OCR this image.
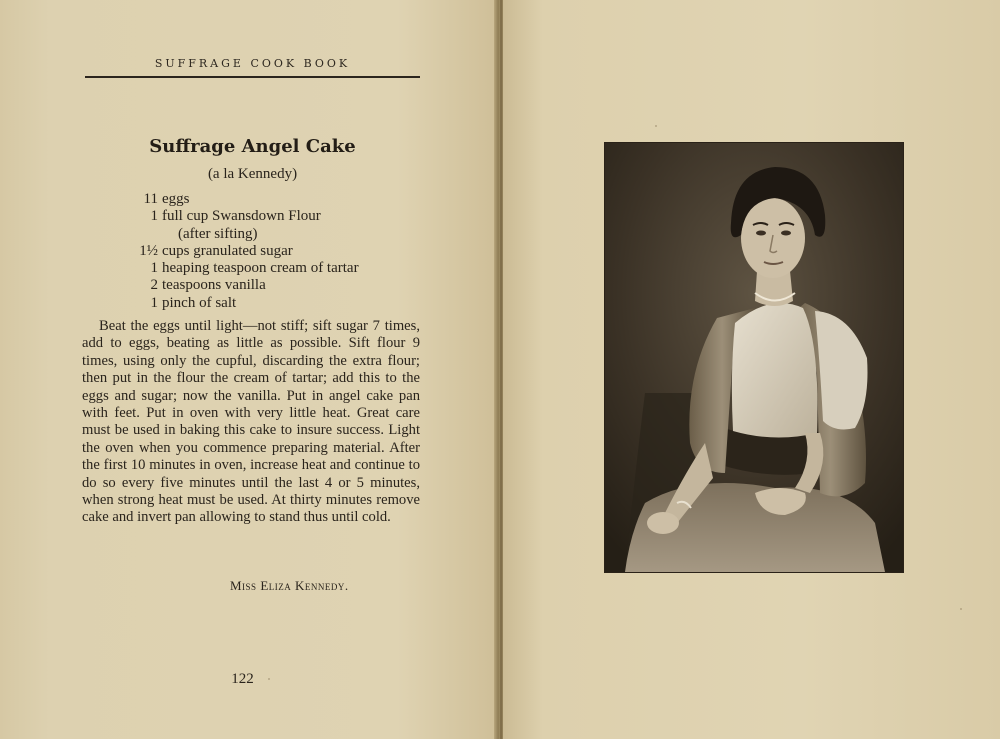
SUFFRAGE COOK BOOK
Suffrage Angel Cake
(a la Kennedy)
11 eggs
1 full cup Swansdown Flour
(after sifting)
1½ cups granulated sugar
1 heaping teaspoon cream of tartar
2 teaspoons vanilla
1 pinch of salt

Beat the eggs until light—not stiff; sift sugar 7 times, add to eggs, beating as little as possible. Sift flour 9 times, using only the cupful, discarding the extra flour; then put in the flour the cream of tartar; add this to the eggs and sugar; now the vanilla. Put in angel cake pan with feet. Put in oven with very little heat. Great care must be used in baking this cake to insure success. Light the oven when you commence preparing material. After the first 10 minutes in oven, increase heat and continue to do so every five minutes until the last 4 or 5 minutes, when strong heat must be used. At thirty minutes remove cake and invert pan allowing to stand thus until cold.

Miss Eliza Kennedy.
122
